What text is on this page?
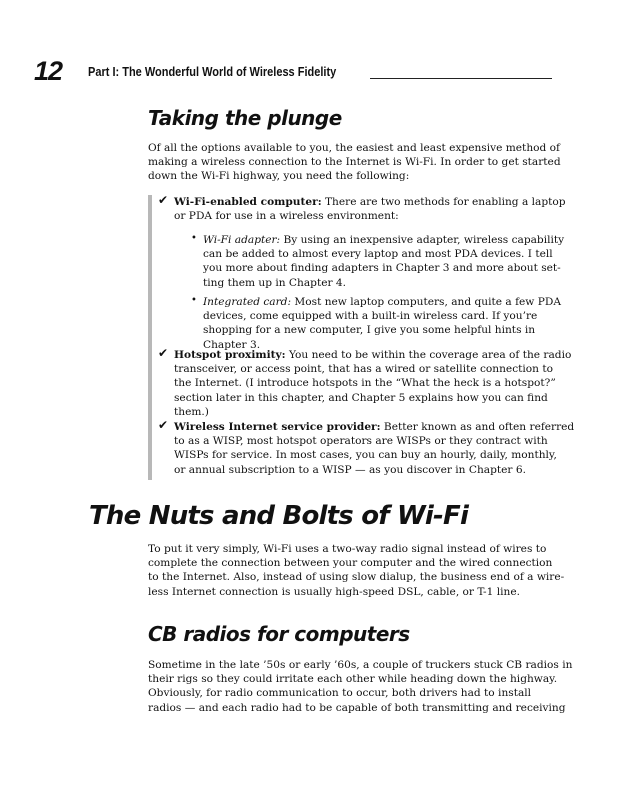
12 Part I: The Wonderful World of Wireless Fidelity
Taking the plunge
Of all the options available to you, the easiest and least expensive method of
making a wireless connection to the Internet is Wi-Fi. In order to get started
down the Wi-Fi highway, you need the following:
✔ Wi-Fi-enabled computer: There are two methods for enabling a laptop
or PDA for use in a wireless environment:
• Wi-Fi adapter: By using an inexpensive adapter, wireless capability
can be added to almost every laptop and most PDA devices. I tell
you more about finding adapters in Chapter 3 and more about set-
ting them up in Chapter 4.
• Integrated card: Most new laptop computers, and quite a few PDA
devices, come equipped with a built-in wireless card. If you’re
shopping for a new computer, I give you some helpful hints in
Chapter 3.
✔ Hotspot proximity: You need to be within the coverage area of the radio
transceiver, or access point, that has a wired or satellite connection to
the Internet. (I introduce hotspots in the “What the heck is a hotspot?”
section later in this chapter, and Chapter 5 explains how you can find
them.)
✔ Wireless Internet service provider: Better known as and often referred
to as a WISP, most hotspot operators are WISPs or they contract with
WISPs for service. In most cases, you can buy an hourly, daily, monthly,
or annual subscription to a WISP — as you discover in Chapter 6.
The Nuts and Bolts of Wi-Fi
To put it very simply, Wi-Fi uses a two-way radio signal instead of wires to
complete the connection between your computer and the wired connection
to the Internet. Also, instead of using slow dialup, the business end of a wire-
less Internet connection is usually high-speed DSL, cable, or T-1 line.
CB radios for computers
Sometime in the late ’50s or early ’60s, a couple of truckers stuck CB radios in
their rigs so they could irritate each other while heading down the highway.
Obviously, for radio communication to occur, both drivers had to install
radios — and each radio had to be capable of both transmitting and receiving
